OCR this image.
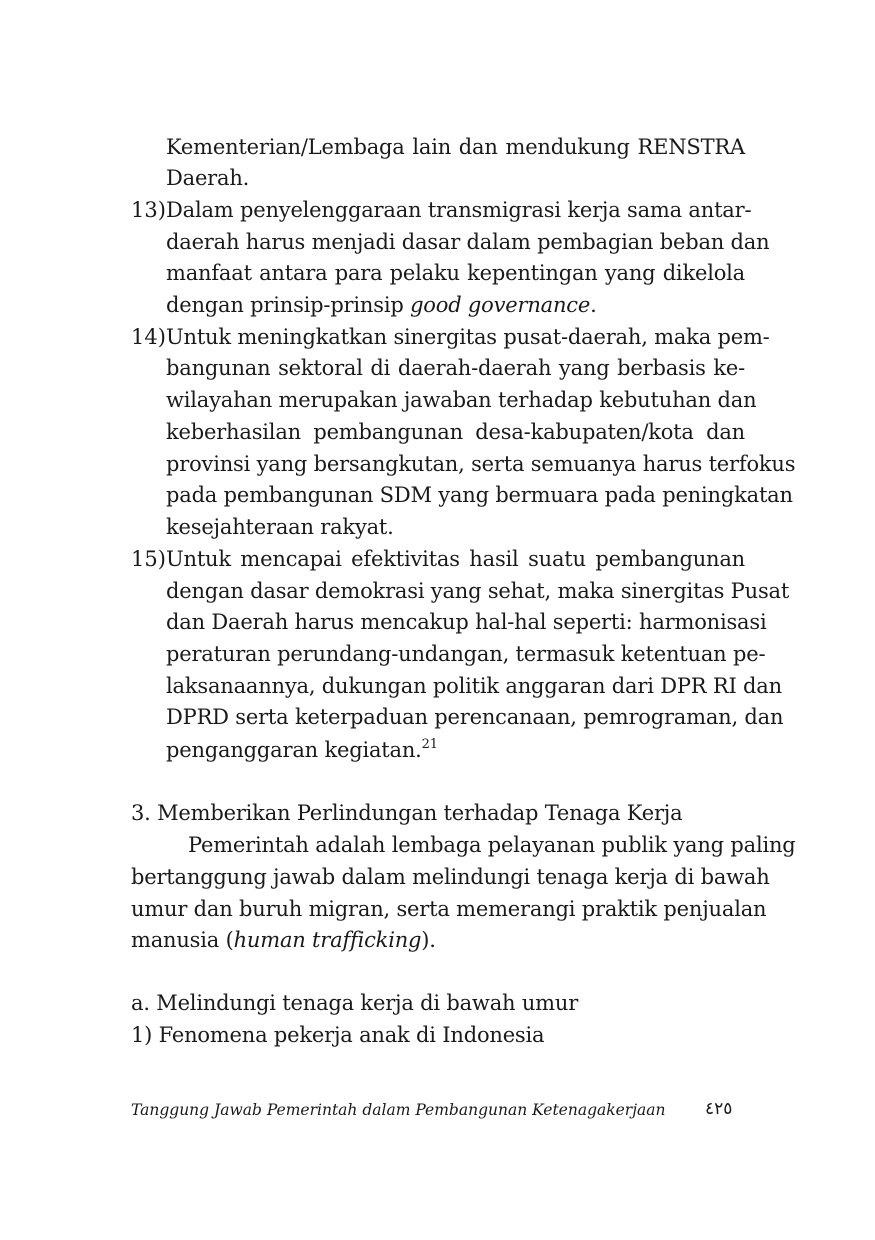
Kementerian/Lembaga lain dan mendukung RENSTRA
Daerah.
13) Dalam penyelenggaraan transmigrasi kerja sama antar-
daerah harus menjadi dasar dalam pembagian beban dan
manfaat antara para pelaku kepentingan yang dikelola
dengan prinsip-prinsip good governance.
14) Untuk meningkatkan sinergitas pusat-daerah, maka pem-
bangunan sektoral di daerah-daerah yang berbasis ke-
wilayahan merupakan jawaban terhadap kebutuhan dan
keberhasilan pembangunan desa-kabupaten/kota dan
provinsi yang bersangkutan, serta semuanya harus terfokus
pada pembangunan SDM yang bermuara pada peningkatan
kesejahteraan rakyat.
15) Untuk mencapai efektivitas hasil suatu pembangunan
dengan dasar demokrasi yang sehat, maka sinergitas Pusat
dan Daerah harus mencakup hal-hal seperti: harmonisasi
peraturan perundang-undangan, termasuk ketentuan pe-
laksanaannya, dukungan politik anggaran dari DPR RI dan
DPRD serta keterpaduan perencanaan, pemrograman, dan
penganggaran kegiatan.$^{21}$
3. Memberikan Perlindungan terhadap Tenaga Kerja
Pemerintah adalah lembaga pelayanan publik yang paling
bertanggung jawab dalam melindungi tenaga kerja di bawah
umur dan buruh migran, serta memerangi praktik penjualan
manusia (human trafficking).
a. Melindungi tenaga kerja di bawah umur
1) Fenomena pekerja anak di Indonesia
Tanggung Jawab Pemerintah dalam Pembangunan Ketenagakerjaan ٤٢٥
